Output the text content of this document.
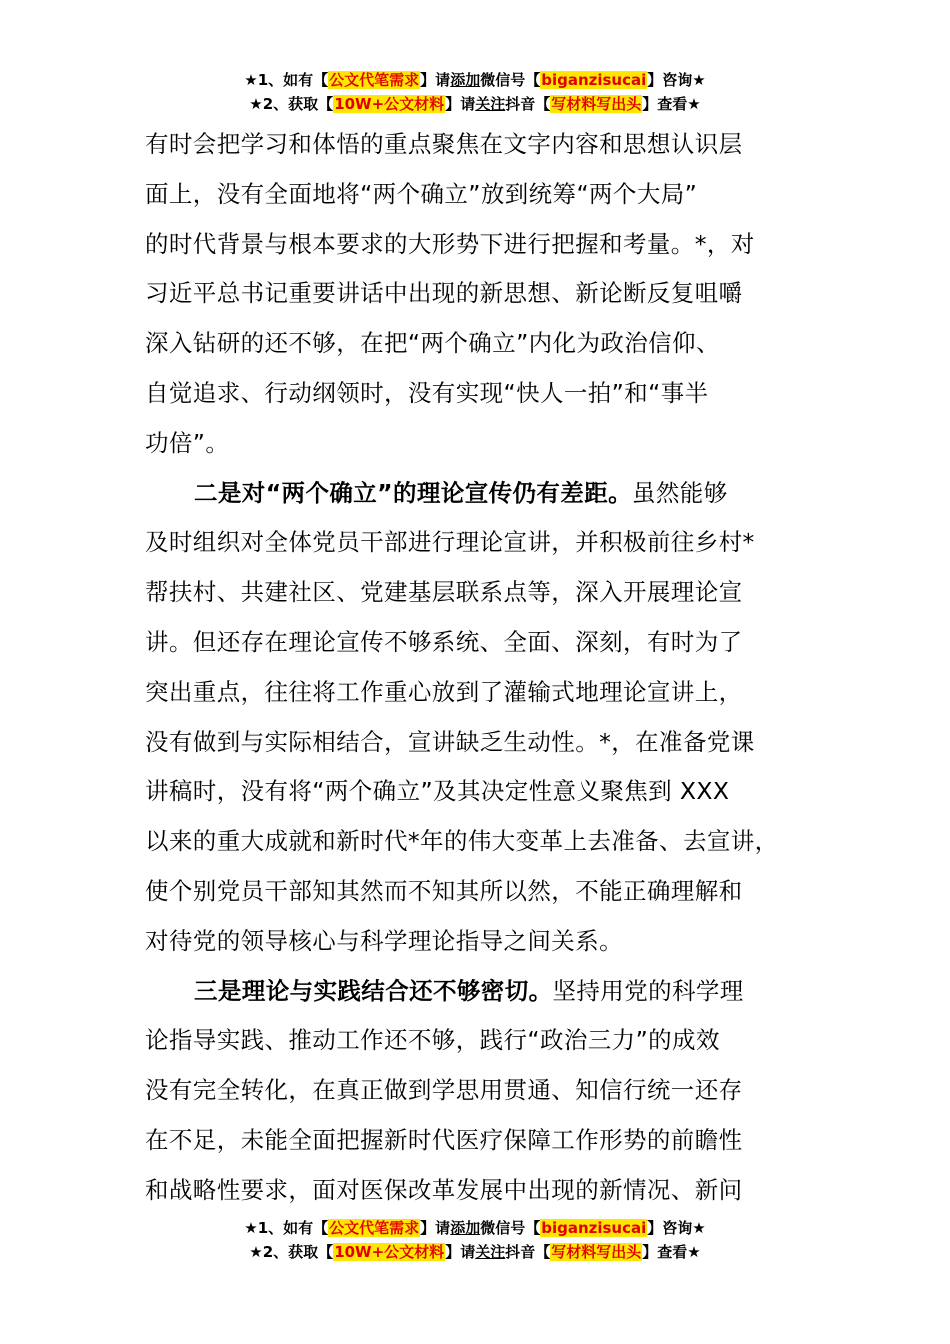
★1、如有【公文代笔需求】请添加微信号【biganzisucai】咨询★
★2、获取【10W+公文材料】请关注抖音【写材料写出头】查看★
有时会把学习和体悟的重点聚焦在文字内容和思想认识层
面上，没有全面地将“两个确立”放到统筹“两个大局”
的时代背景与根本要求的大形势下进行把握和考量。*，对
习近平总书记重要讲话中出现的新思想、新论断反复咀嚼
深入钻研的还不够，在把“两个确立”内化为政治信仰、
自觉追求、行动纲领时，没有实现“快人一拍”和“事半
功倍”。
二是对“两个确立”的理论宣传仍有差距。虽然能够
及时组织对全体党员干部进行理论宣讲，并积极前往乡村*
帮扶村、共建社区、党建基层联系点等，深入开展理论宣
讲。但还存在理论宣传不够系统、全面、深刻，有时为了
突出重点，往往将工作重心放到了灌输式地理论宣讲上，
没有做到与实际相结合，宣讲缺乏生动性。*，在准备党课
讲稿时，没有将“两个确立”及其决定性意义聚焦到 XXX
以来的重大成就和新时代*年的伟大变革上去准备、去宣讲，
使个别党员干部知其然而不知其所以然，不能正确理解和
对待党的领导核心与科学理论指导之间关系。
三是理论与实践结合还不够密切。坚持用党的科学理
论指导实践、推动工作还不够，践行“政治三力”的成效
没有完全转化，在真正做到学思用贯通、知信行统一还存
在不足，未能全面把握新时代医疗保障工作形势的前瞻性
和战略性要求，面对医保改革发展中出现的新情况、新问
★1、如有【公文代笔需求】请添加微信号【biganzisucai】咨询★
★2、获取【10W+公文材料】请关注抖音【写材料写出头】查看★
